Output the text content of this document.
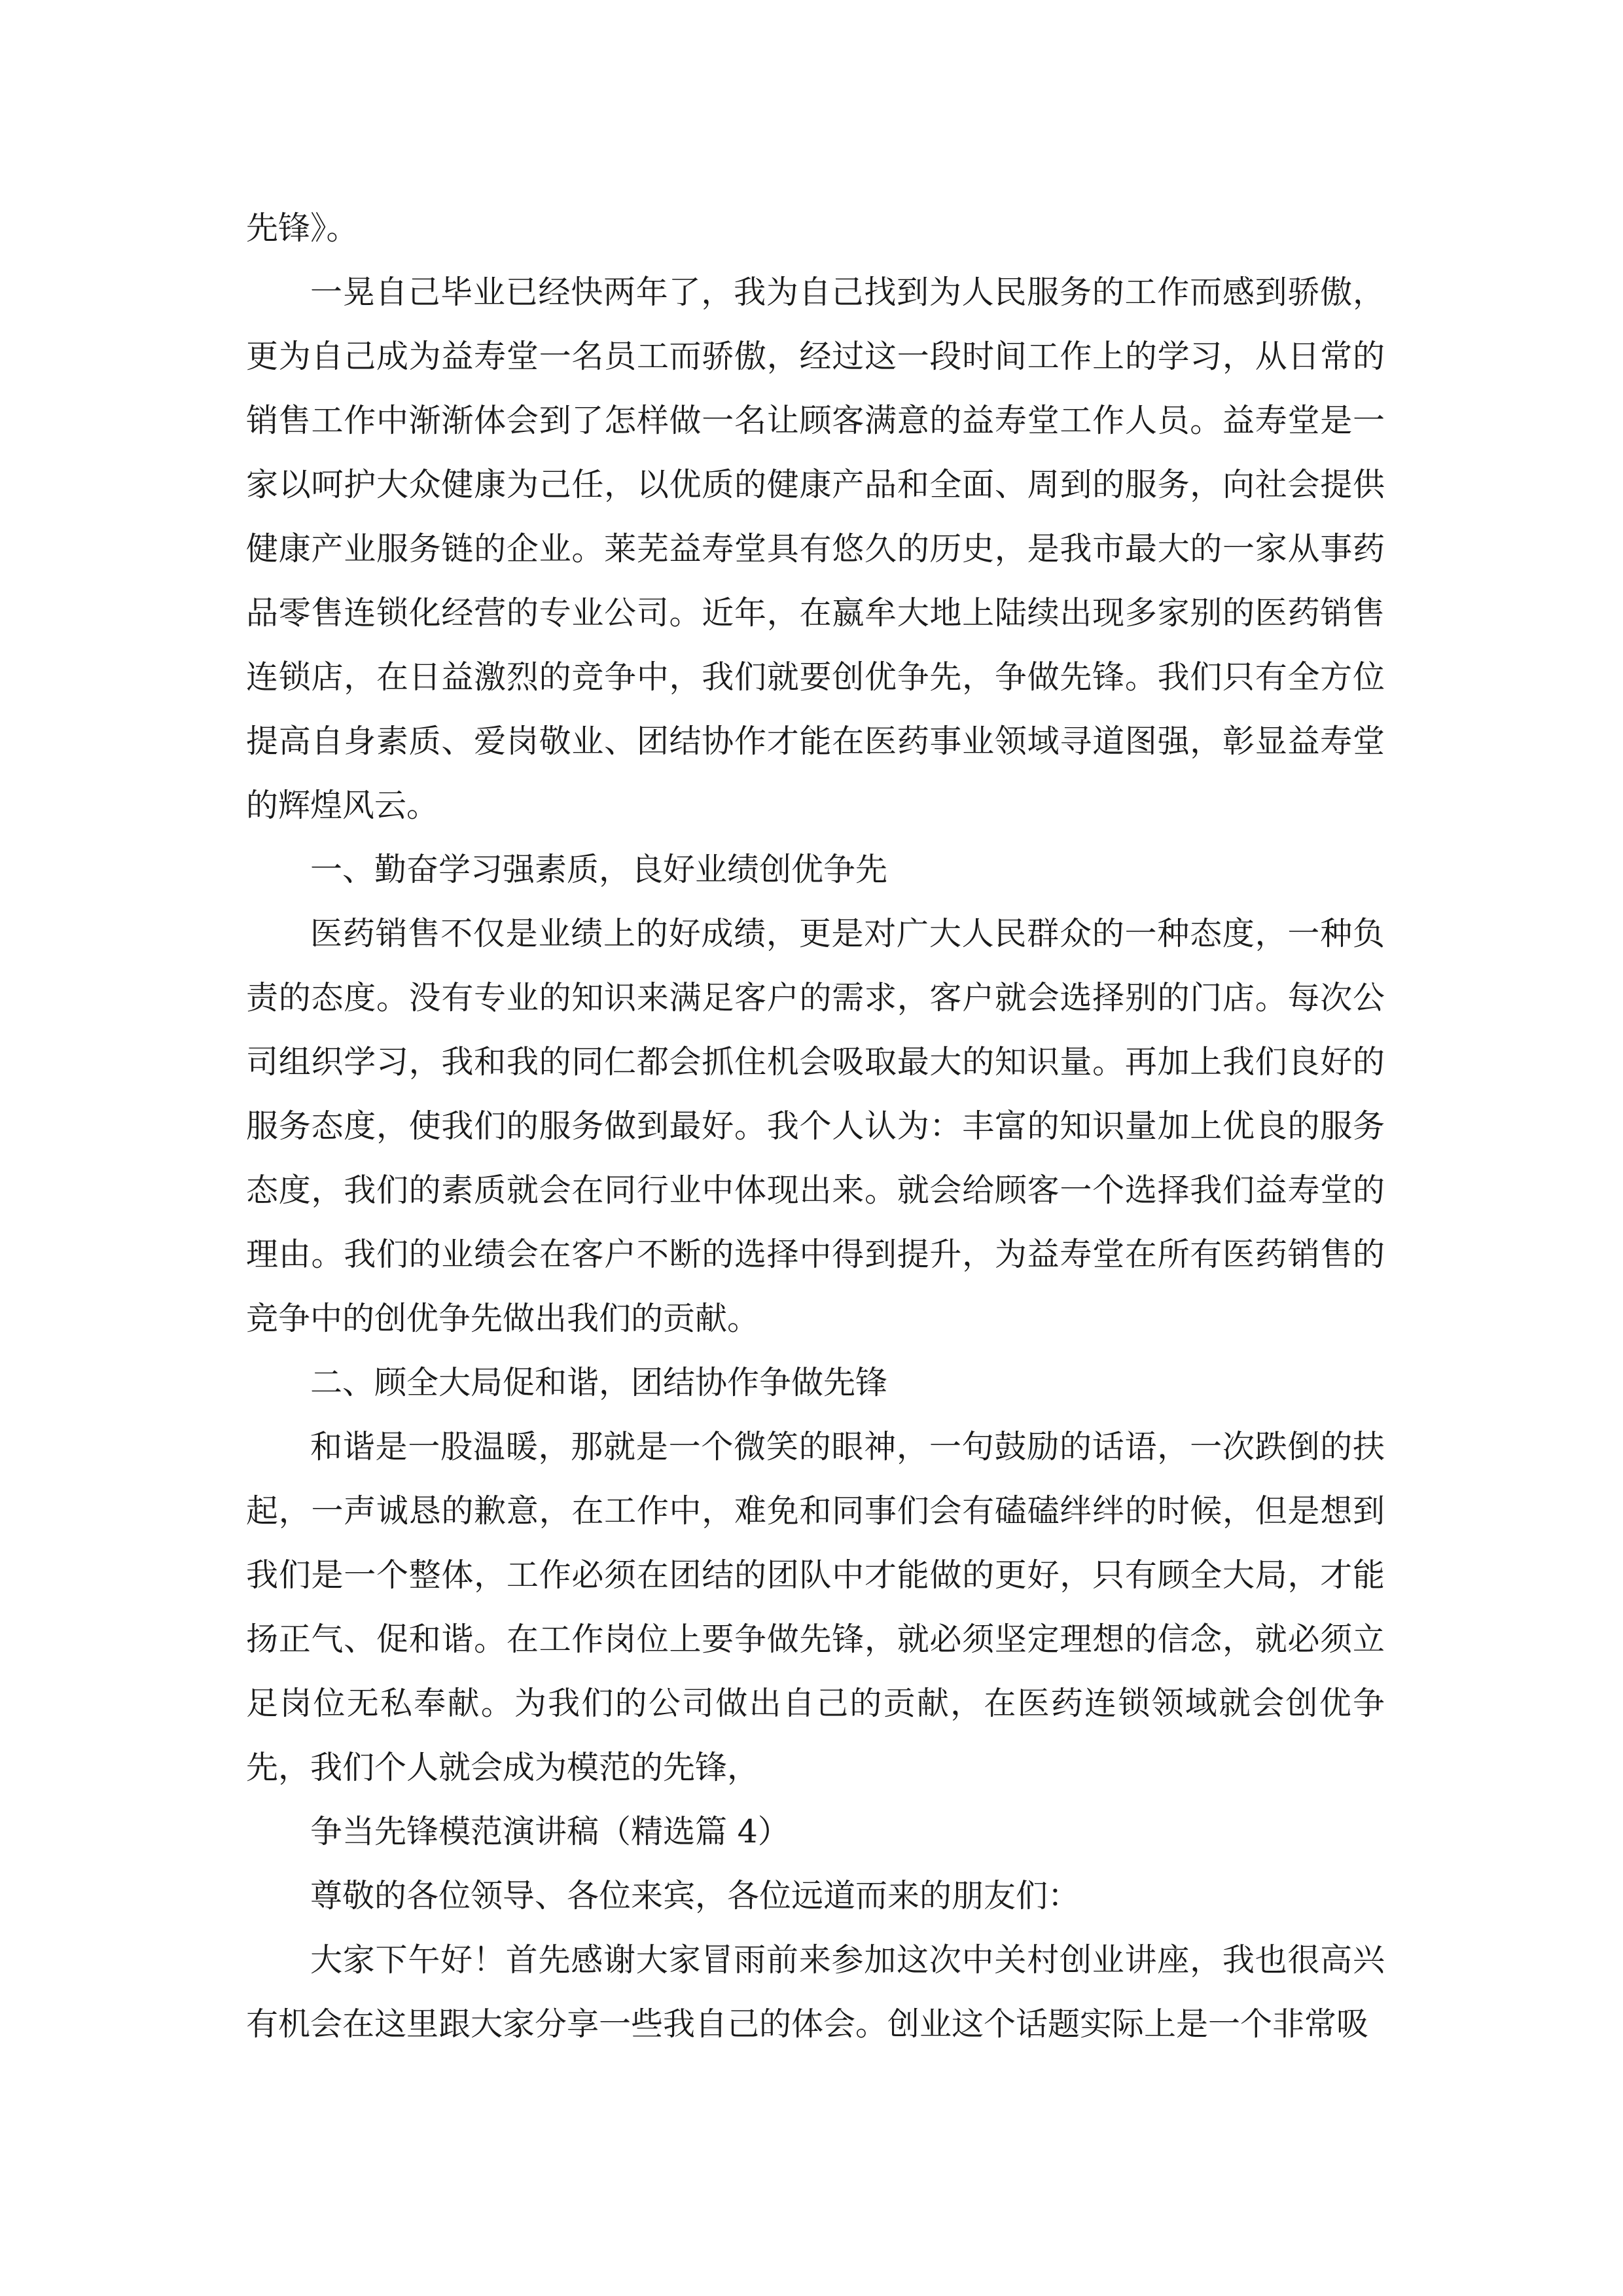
先锋》。

一晃自己毕业已经快两年了，我为自己找到为人民服务的工作而感到骄傲，更为自己成为益寿堂一名员工而骄傲，经过这一段时间工作上的学习，从日常的销售工作中渐渐体会到了怎样做一名让顾客满意的益寿堂工作人员。益寿堂是一家以呵护大众健康为己任，以优质的健康产品和全面、周到的服务，向社会提供健康产业服务链的企业。莱芜益寿堂具有悠久的历史，是我市最大的一家从事药品零售连锁化经营的专业公司。近年，在嬴牟大地上陆续出现多家别的医药销售连锁店，在日益激烈的竞争中，我们就要创优争先，争做先锋。我们只有全方位提高自身素质、爱岗敬业、团结协作才能在医药事业领域寻道图强，彰显益寿堂的辉煌风云。

一、勤奋学习强素质，良好业绩创优争先

医药销售不仅是业绩上的好成绩，更是对广大人民群众的一种态度，一种负责的态度。没有专业的知识来满足客户的需求，客户就会选择别的门店。每次公司组织学习，我和我的同仁都会抓住机会吸取最大的知识量。再加上我们良好的服务态度，使我们的服务做到最好。我个人认为：丰富的知识量加上优良的服务态度，我们的素质就会在同行业中体现出来。就会给顾客一个选择我们益寿堂的理由。我们的业绩会在客户不断的选择中得到提升，为益寿堂在所有医药销售的竞争中的创优争先做出我们的贡献。

二、顾全大局促和谐，团结协作争做先锋

和谐是一股温暖，那就是一个微笑的眼神，一句鼓励的话语，一次跌倒的扶起，一声诚恳的歉意，在工作中，难免和同事们会有磕磕绊绊的时候，但是想到我们是一个整体，工作必须在团结的团队中才能做的更好，只有顾全大局，才能扬正气、促和谐。在工作岗位上要争做先锋，就必须坚定理想的信念，就必须立足岗位无私奉献。为我们的公司做出自己的贡献，在医药连锁领域就会创优争先，我们个人就会成为模范的先锋，

争当先锋模范演讲稿（精选篇 4）

尊敬的各位领导、各位来宾，各位远道而来的朋友们：

大家下午好！首先感谢大家冒雨前来参加这次中关村创业讲座，我也很高兴有机会在这里跟大家分享一些我自己的体会。创业这个话题实际上是一个非常吸
